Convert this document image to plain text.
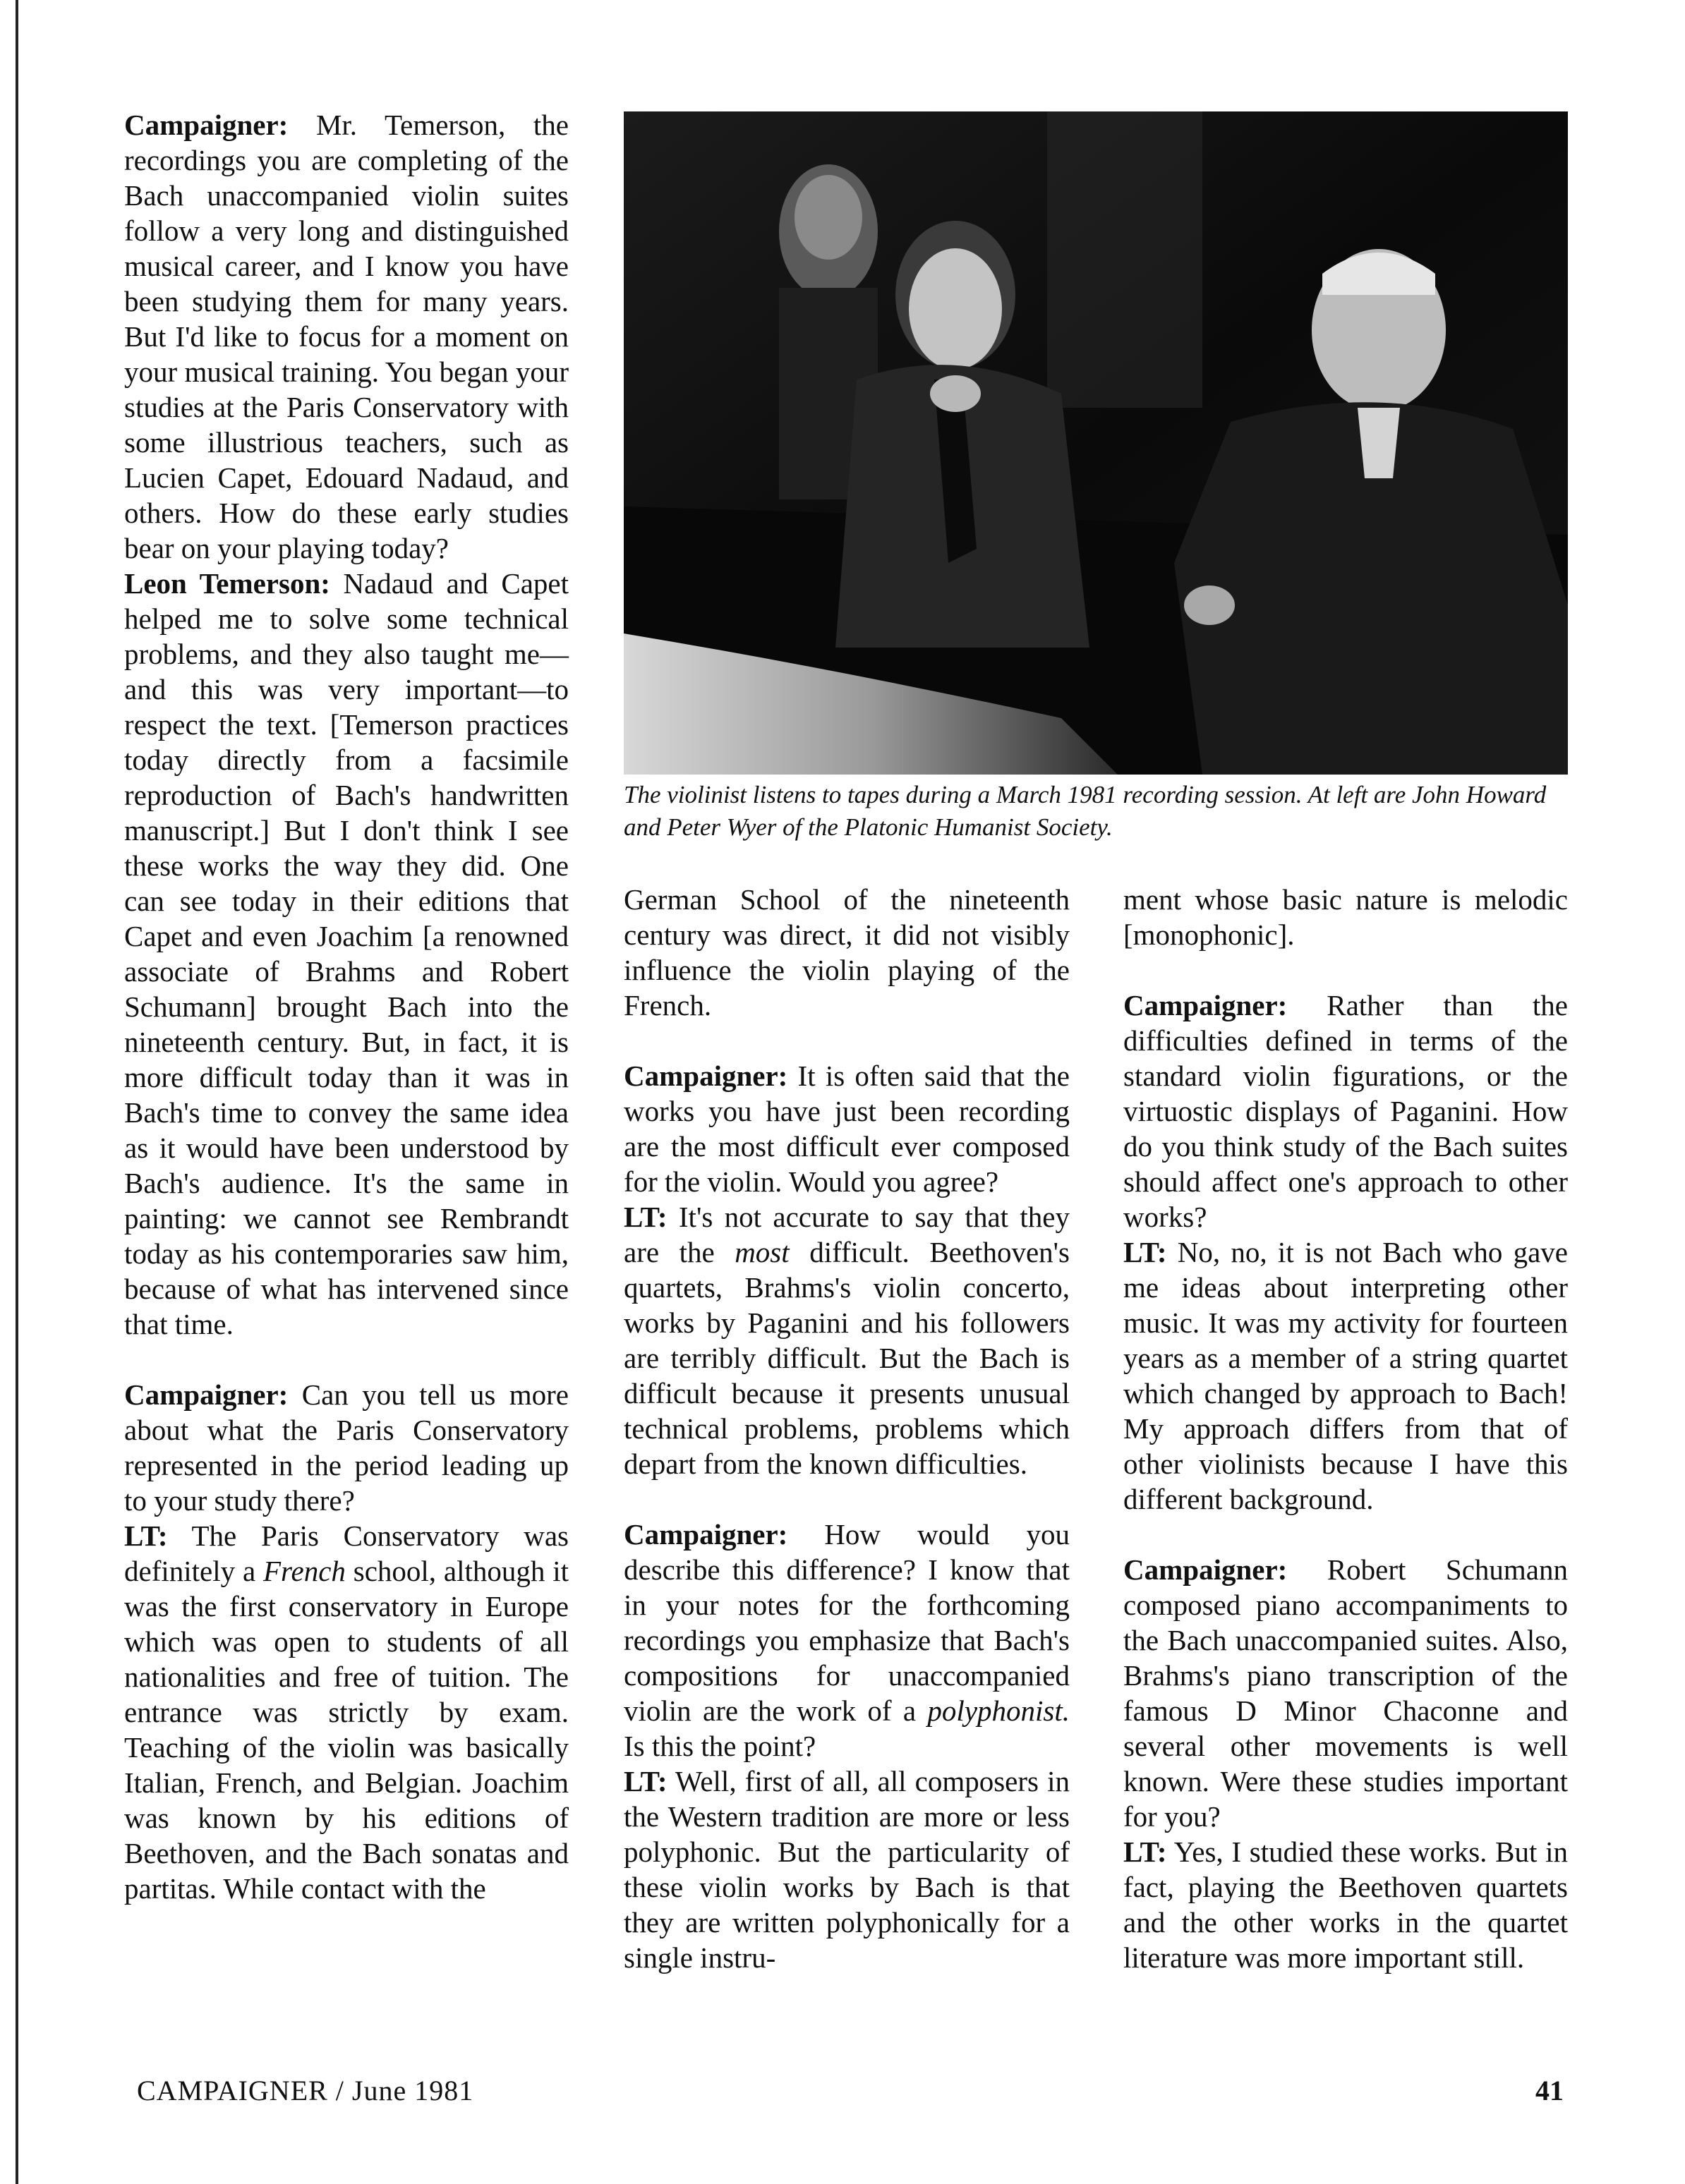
Campaigner: Mr. Temerson, the recordings you are completing of the Bach unaccompanied violin suites follow a very long and distinguished musical career, and I know you have been studying them for many years. But I'd like to focus for a moment on your musical training. You began your studies at the Paris Conservatory with some illustrious teachers, such as Lucien Capet, Edouard Nadaud, and others. How do these early studies bear on your playing today?

Leon Temerson: Nadaud and Capet helped me to solve some technical problems, and they also taught me—and this was very important—to respect the text. [Temerson practices today directly from a facsimile reproduction of Bach's handwritten manuscript.] But I don't think I see these works the way they did. One can see today in their editions that Capet and even Joachim [a renowned associate of Brahms and Robert Schumann] brought Bach into the nineteenth century. But, in fact, it is more difficult today than it was in Bach's time to convey the same idea as it would have been understood by Bach's audience. It's the same in painting: we cannot see Rembrandt today as his contemporaries saw him, because of what has intervened since that time.

Campaigner: Can you tell us more about what the Paris Conservatory represented in the period leading up to your study there?

LT: The Paris Conservatory was definitely a French school, although it was the first conservatory in Europe which was open to students of all nationalities and free of tuition. The entrance was strictly by exam. Teaching of the violin was basically Italian, French, and Belgian. Joachim was known by his editions of Beethoven, and the Bach sonatas and partitas. While contact with the

The violinist listens to tapes during a March 1981 recording session. At left are John Howard and Peter Wyer of the Platonic Humanist Society.

German School of the nineteenth century was direct, it did not visibly influence the violin playing of the French.

Campaigner: It is often said that the works you have just been recording are the most difficult ever composed for the violin. Would you agree?

LT: It's not accurate to say that they are the most difficult. Beethoven's quartets, Brahms's violin concerto, works by Paganini and his followers are terribly difficult. But the Bach is difficult because it presents unusual technical problems, problems which depart from the known difficulties.

Campaigner: How would you describe this difference? I know that in your notes for the forthcoming recordings you emphasize that Bach's compositions for unaccompanied violin are the work of a polyphonist. Is this the point?

LT: Well, first of all, all composers in the Western tradition are more or less polyphonic. But the particularity of these violin works by Bach is that they are written polyphonically for a single instru-

ment whose basic nature is melodic [monophonic].

Campaigner: Rather than the difficulties defined in terms of the standard violin figurations, or the virtuostic displays of Paganini. How do you think study of the Bach suites should affect one's approach to other works?

LT: No, no, it is not Bach who gave me ideas about interpreting other music. It was my activity for fourteen years as a member of a string quartet which changed by approach to Bach! My approach differs from that of other violinists because I have this different background.

Campaigner: Robert Schumann composed piano accompaniments to the Bach unaccompanied suites. Also, Brahms's piano transcription of the famous D Minor Chaconne and several other movements is well known. Were these studies important for you?

LT: Yes, I studied these works. But in fact, playing the Beethoven quartets and the other works in the quartet literature was more important still.

CAMPAIGNER / June 1981	41
